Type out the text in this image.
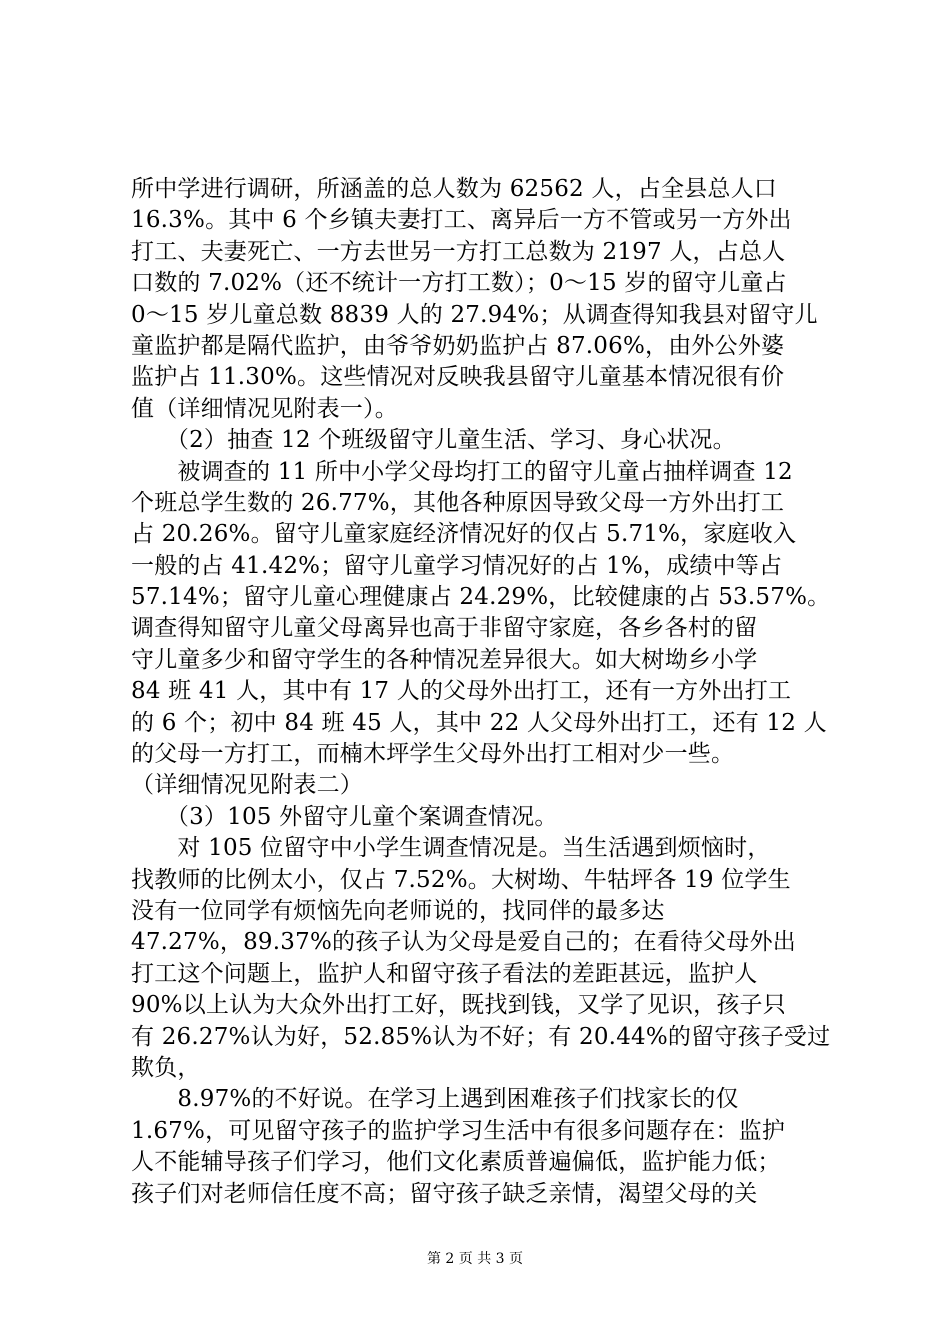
所中学进行调研，所涵盖的总人数为 62562 人，占全县总人口
16.3%。其中 6 个乡镇夫妻打工、离异后一方不管或另一方外出
打工、夫妻死亡、一方去世另一方打工总数为 2197 人，占总人
口数的 7.02%（还不统计一方打工数）；0～15 岁的留守儿童占
0～15 岁儿童总数 8839 人的 27.94%；从调查得知我县对留守儿
童监护都是隔代监护，由爷爷奶奶监护占 87.06%，由外公外婆
监护占 11.30%。这些情况对反映我县留守儿童基本情况很有价
值（详细情况见附表一）。
　　（2）抽查 12 个班级留守儿童生活、学习、身心状况。
　　被调查的 11 所中小学父母均打工的留守儿童占抽样调查 12
个班总学生数的 26.77%，其他各种原因导致父母一方外出打工
占 20.26%。留守儿童家庭经济情况好的仅占 5.71%，家庭收入
一般的占 41.42%；留守儿童学习情况好的占 1%，成绩中等占
57.14%；留守儿童心理健康占 24.29%，比较健康的占 53.57%。
调查得知留守儿童父母离异也高于非留守家庭，各乡各村的留
守儿童多少和留守学生的各种情况差异很大。如大树坳乡小学
84 班 41 人，其中有 17 人的父母外出打工，还有一方外出打工
的 6 个；初中 84 班 45 人，其中 22 人父母外出打工，还有 12 人
的父母一方打工，而楠木坪学生父母外出打工相对少一些。
（详细情况见附表二）
　　（3）105 外留守儿童个案调查情况。
　　对 105 位留守中小学生调查情况是。当生活遇到烦恼时，
找教师的比例太小，仅占 7.52%。大树坳、牛牯坪各 19 位学生
没有一位同学有烦恼先向老师说的，找同伴的最多达
47.27%，89.37%的孩子认为父母是爱自己的；在看待父母外出
打工这个问题上，监护人和留守孩子看法的差距甚远，监护人
90%以上认为大众外出打工好，既找到钱，又学了见识，孩子只
有 26.27%认为好，52.85%认为不好；有 20.44%的留守孩子受过
欺负，
　　8.97%的不好说。在学习上遇到困难孩子们找家长的仅
1.67%，可见留守孩子的监护学习生活中有很多问题存在：监护
人不能辅导孩子们学习，他们文化素质普遍偏低，监护能力低；
孩子们对老师信任度不高；留守孩子缺乏亲情，渴望父母的关
第 2 页 共 3 页
